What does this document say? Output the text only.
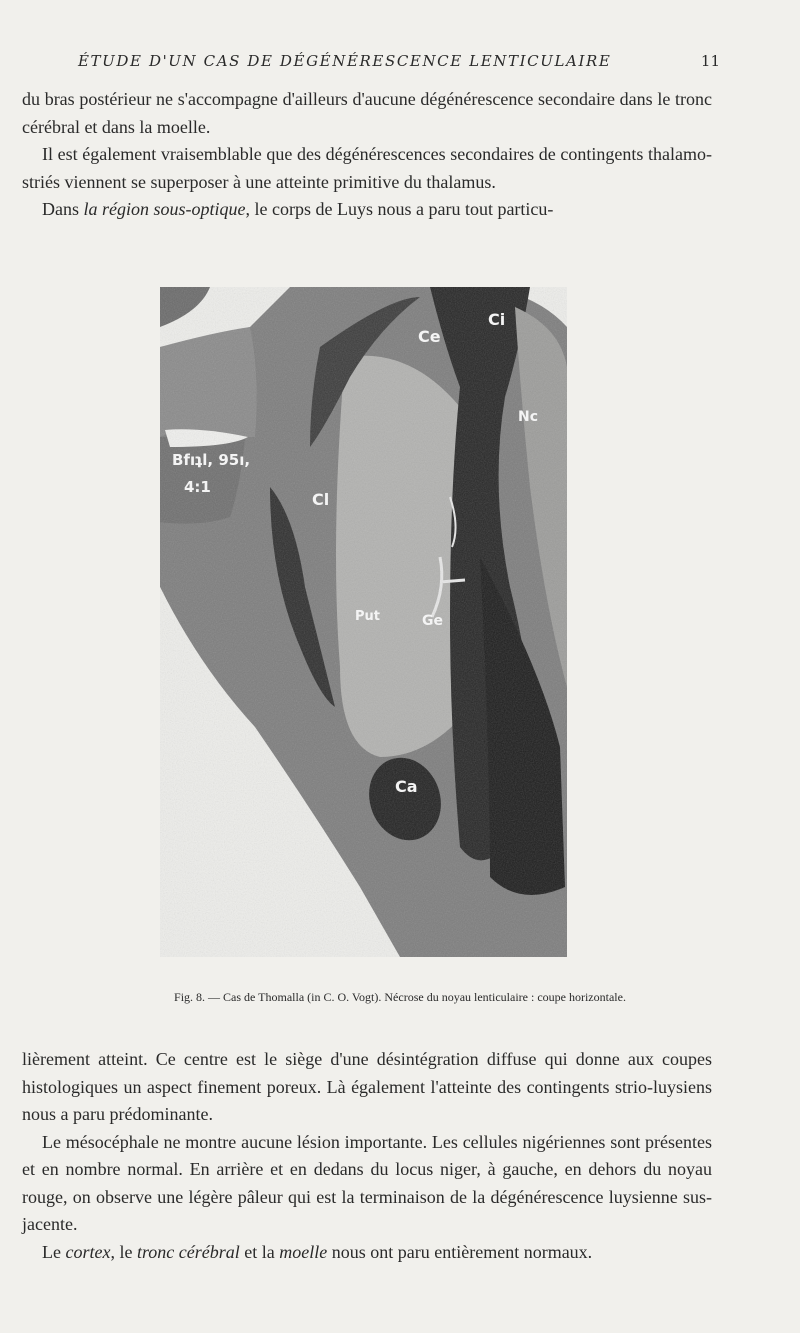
ÉTUDE D'UN CAS DE DÉGÉNÉRESCENCE LENTICULAIRE	11

du bras postérieur ne s'accompagne d'ailleurs d'aucune dégénérescence secondaire dans le tronc cérébral et dans la moelle.

Il est également vraisemblable que des dégénérescences secondaires de contingents thalamo-striés viennent se superposer à une atteinte primitive du thalamus.

Dans la région sous-optique, le corps de Luys nous a paru tout particu-

Ce
Ci
Nc
Bfıʇl, 95ı,
4:1
Cl
Put	Ge
Ca
Fig. 8. — Cas de Thomalla (in C. O. Vogt). Nécrose du noyau lenticulaire : coupe horizontale.

lièrement atteint. Ce centre est le siège d'une désintégration diffuse qui donne aux coupes histologiques un aspect finement poreux. Là également l'atteinte des contingents strio-luysiens nous a paru prédominante.

Le mésocéphale ne montre aucune lésion importante. Les cellules nigériennes sont présentes et en nombre normal. En arrière et en dedans du locus niger, à gauche, en dehors du noyau rouge, on observe une légère pâleur qui est la terminaison de la dégénérescence luysienne sus-jacente.

Le cortex, le tronc cérébral et la moelle nous ont paru entièrement normaux.
